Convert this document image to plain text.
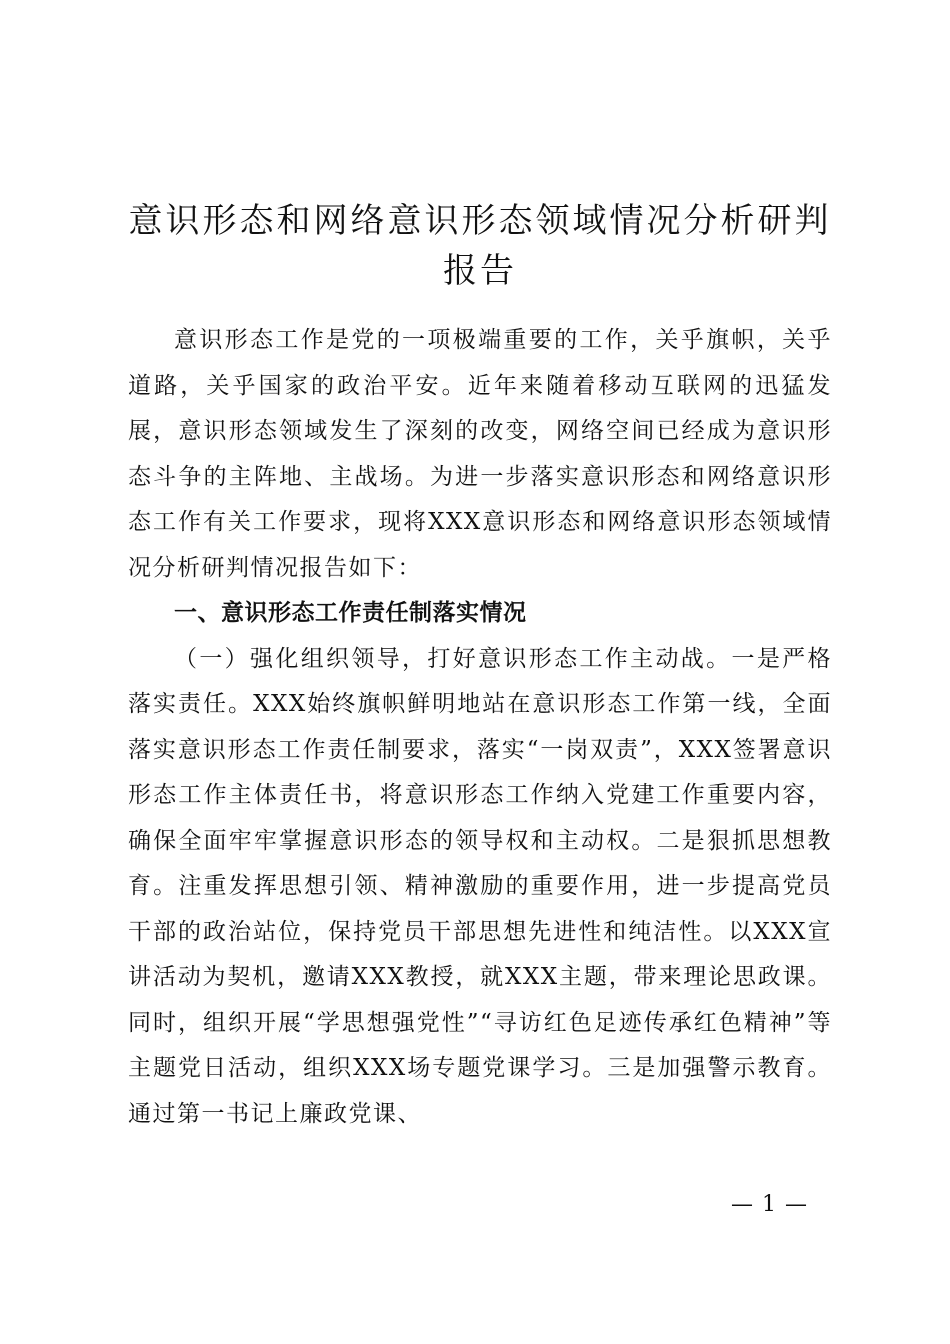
意识形态和网络意识形态领域情况分析研判报告

意识形态工作是党的一项极端重要的工作，关乎旗帜，关乎道路，关乎国家的政治平安。近年来随着移动互联网的迅猛发展，意识形态领域发生了深刻的改变，网络空间已经成为意识形态斗争的主阵地、主战场。为进一步落实意识形态和网络意识形态工作有关工作要求，现将XXX意识形态和网络意识形态领域情况分析研判情况报告如下：

一、意识形态工作责任制落实情况

（一）强化组织领导，打好意识形态工作主动战。一是严格落实责任。XXX始终旗帜鲜明地站在意识形态工作第一线，全面落实意识形态工作责任制要求，落实“一岗双责”，XXX签署意识形态工作主体责任书，将意识形态工作纳入党建工作重要内容，确保全面牢牢掌握意识形态的领导权和主动权。二是狠抓思想教育。注重发挥思想引领、精神激励的重要作用，进一步提高党员干部的政治站位，保持党员干部思想先进性和纯洁性。以XXX宣讲活动为契机，邀请XXX教授，就XXX主题，带来理论思政课。同时，组织开展“学思想强党性”“寻访红色足迹传承红色精神”等主题党日活动，组织XXX场专题党课学习。三是加强警示教育。通过第一书记上廉政党课、

— 1 —
